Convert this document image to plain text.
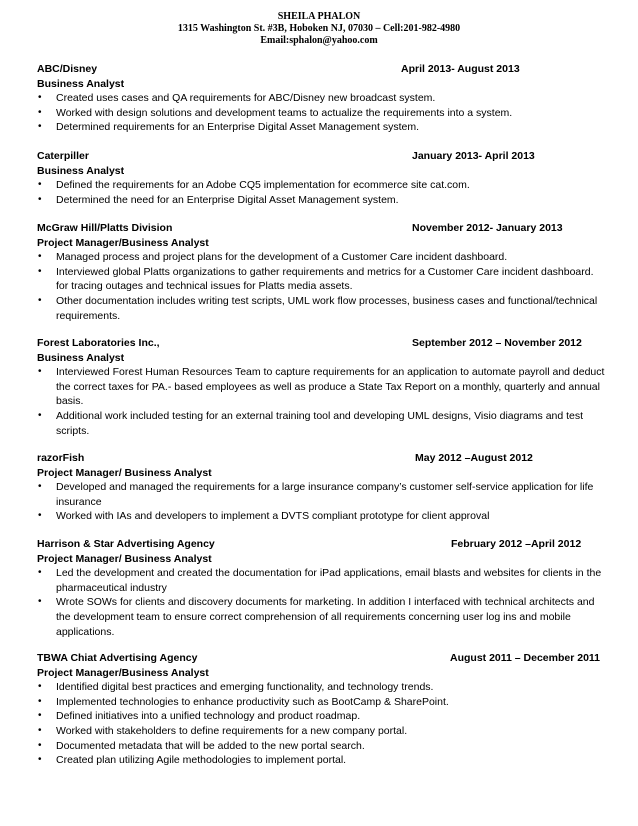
SHEILA PHALON
1315 Washington St. #3B, Hoboken NJ, 07030 – Cell:201-982-4980
Email:sphalon@yahoo.com
ABC/Disney	April 2013- August 2013
Business Analyst
• Created uses cases and QA requirements for ABC/Disney new broadcast system.
• Worked with design solutions and development teams to actualize the requirements into a system.
• Determined requirements for an Enterprise Digital Asset Management system.
Caterpiller	January 2013- April 2013
Business Analyst
• Defined the requirements for an Adobe CQ5 implementation for ecommerce site cat.com.
• Determined the need for an Enterprise Digital Asset Management system.
McGraw Hill/Platts Division	November 2012- January 2013
Project Manager/Business Analyst
• Managed process and project plans for the development of a Customer Care incident dashboard.
• Interviewed global Platts organizations to gather requirements and metrics for a Customer Care incident dashboard. for tracing outages and technical issues for Platts media assets.
• Other documentation includes writing test scripts, UML work flow processes, business cases and functional/technical requirements.
Forest Laboratories Inc.,	September 2012 – November 2012
Business Analyst
• Interviewed Forest Human Resources Team to capture requirements for an application to automate payroll and deduct the correct taxes for PA.- based employees as well as produce a State Tax Report on a monthly, quarterly and annual basis.
• Additional work included testing for an external training tool and developing UML designs, Visio diagrams and test scripts.
razorFish	May 2012 –August 2012
Project Manager/ Business Analyst
• Developed and managed the requirements for a large insurance company’s customer self-service application for life insurance
• Worked with IAs and developers to implement a DVTS compliant prototype for client approval
Harrison & Star Advertising Agency	February 2012 –April 2012
Project Manager/ Business Analyst
• Led the development and created the documentation for iPad applications, email blasts and websites for clients in the pharmaceutical industry
• Wrote SOWs for clients and discovery documents for marketing. In addition I interfaced with technical architects and the development team to ensure correct comprehension of all requirements concerning user log ins and mobile applications.
TBWA Chiat Advertising Agency	August 2011 – December 2011
Project Manager/Business Analyst
• Identified digital best practices and emerging functionality, and technology trends.
• Implemented technologies to enhance productivity such as BootCamp & SharePoint.
• Defined initiatives into a unified technology and product roadmap.
• Worked with stakeholders to define requirements for a new company portal.
• Documented metadata that will be added to the new portal search.
• Created plan utilizing Agile methodologies to implement portal.
